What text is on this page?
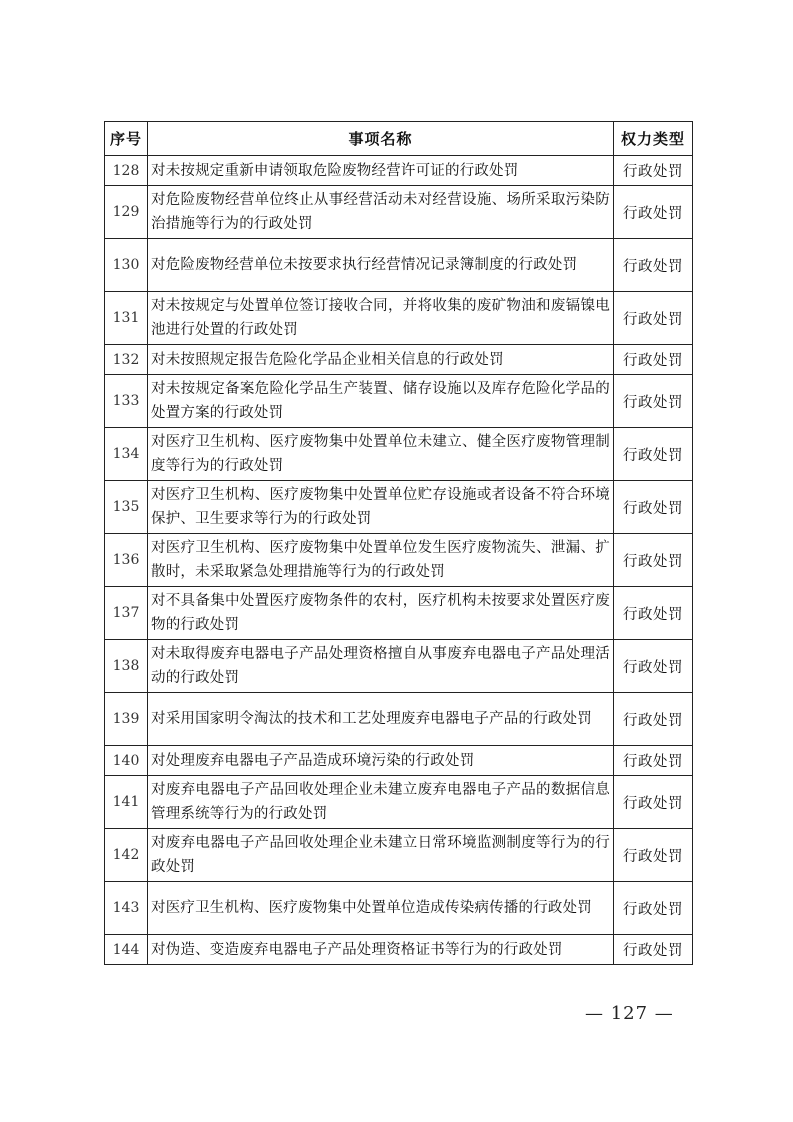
序号	事项名称	权力类型
128	对未按规定重新申请领取危险废物经营许可证的行政处罚	行政处罚
129	对危险废物经营单位终止从事经营活动未对经营设施、场所采取污染防治措施等行为的行政处罚	行政处罚
130	对危险废物经营单位未按要求执行经营情况记录簿制度的行政处罚	行政处罚
131	对未按规定与处置单位签订接收合同，并将收集的废矿物油和废镉镍电池进行处置的行政处罚	行政处罚
132	对未按照规定报告危险化学品企业相关信息的行政处罚	行政处罚
133	对未按规定备案危险化学品生产装置、储存设施以及库存危险化学品的处置方案的行政处罚	行政处罚
134	对医疗卫生机构、医疗废物集中处置单位未建立、健全医疗废物管理制度等行为的行政处罚	行政处罚
135	对医疗卫生机构、医疗废物集中处置单位贮存设施或者设备不符合环境保护、卫生要求等行为的行政处罚	行政处罚
136	对医疗卫生机构、医疗废物集中处置单位发生医疗废物流失、泄漏、扩散时，未采取紧急处理措施等行为的行政处罚	行政处罚
137	对不具备集中处置医疗废物条件的农村，医疗机构未按要求处置医疗废物的行政处罚	行政处罚
138	对未取得废弃电器电子产品处理资格擅自从事废弃电器电子产品处理活动的行政处罚	行政处罚
139	对采用国家明令淘汰的技术和工艺处理废弃电器电子产品的行政处罚	行政处罚
140	对处理废弃电器电子产品造成环境污染的行政处罚	行政处罚
141	对废弃电器电子产品回收处理企业未建立废弃电器电子产品的数据信息管理系统等行为的行政处罚	行政处罚
142	对废弃电器电子产品回收处理企业未建立日常环境监测制度等行为的行政处罚	行政处罚
143	对医疗卫生机构、医疗废物集中处置单位造成传染病传播的行政处罚	行政处罚
144	对伪造、变造废弃电器电子产品处理资格证书等行为的行政处罚	行政处罚
— 127 —
